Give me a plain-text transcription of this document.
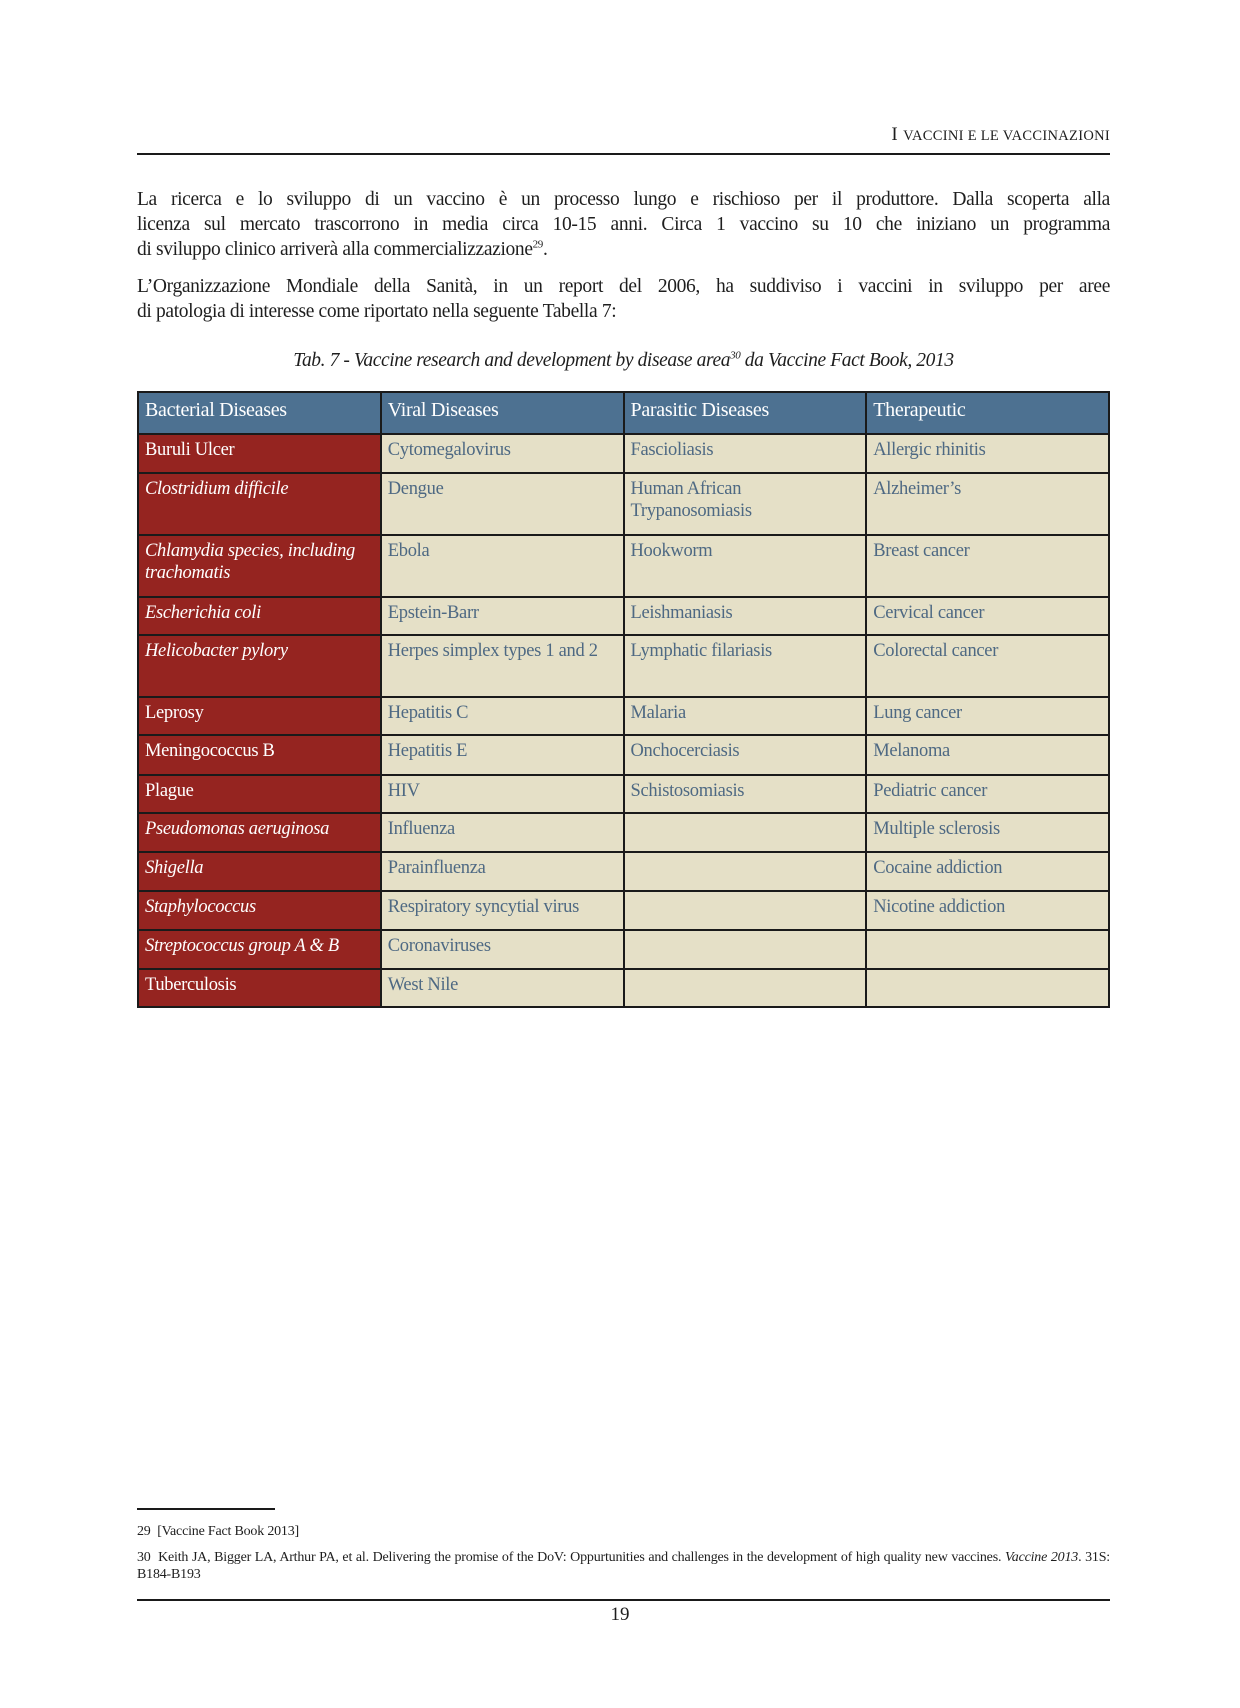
I VACCINI E LE VACCINAZIONI
La ricerca e lo sviluppo di un vaccino è un processo lungo e rischioso per il produttore. Dalla scoperta alla
licenza sul mercato trascorrono in media circa 10-15 anni. Circa 1 vaccino su 10 che iniziano un programma
di sviluppo clinico arriverà alla commercializzazione$^{29}$.
L’Organizzazione Mondiale della Sanità, in un report del 2006, ha suddiviso i vaccini in sviluppo per aree
di patologia di interesse come riportato nella seguente Tabella 7:
Tab. 7 - Vaccine research and development by disease area$^{30}$ da Vaccine Fact Book, 2013
Bacterial Diseases	Viral Diseases	Parasitic Diseases	Therapeutic
Buruli Ulcer	Cytomegalovirus	Fascioliasis	Allergic rhinitis
Clostridium difficile	Dengue	Human African Trypanosomiasis	Alzheimer’s
Chlamydia species, including trachomatis	Ebola	Hookworm	Breast cancer
Escherichia coli	Epstein-Barr	Leishmaniasis	Cervical cancer
Helicobacter pylory	Herpes simplex types 1 and 2	Lymphatic filariasis	Colorectal cancer
Leprosy	Hepatitis C	Malaria	Lung cancer
Meningococcus B	Hepatitis E	Onchocerciasis	Melanoma
Plague	HIV	Schistosomiasis	Pediatric cancer
Pseudomonas aeruginosa	Influenza		Multiple sclerosis
Shigella	Parainfluenza		Cocaine addiction
Staphylococcus	Respiratory syncytial virus		Nicotine addiction
Streptococcus group A & B	Coronaviruses		
Tuberculosis	West Nile		
29 [Vaccine Fact Book 2013]
30 Keith JA, Bigger LA, Arthur PA, et al. Delivering the promise of the DoV: Oppurtunities and challenges in the development of high quality new vaccines. Vaccine 2013. 31S: B184-B193
19
